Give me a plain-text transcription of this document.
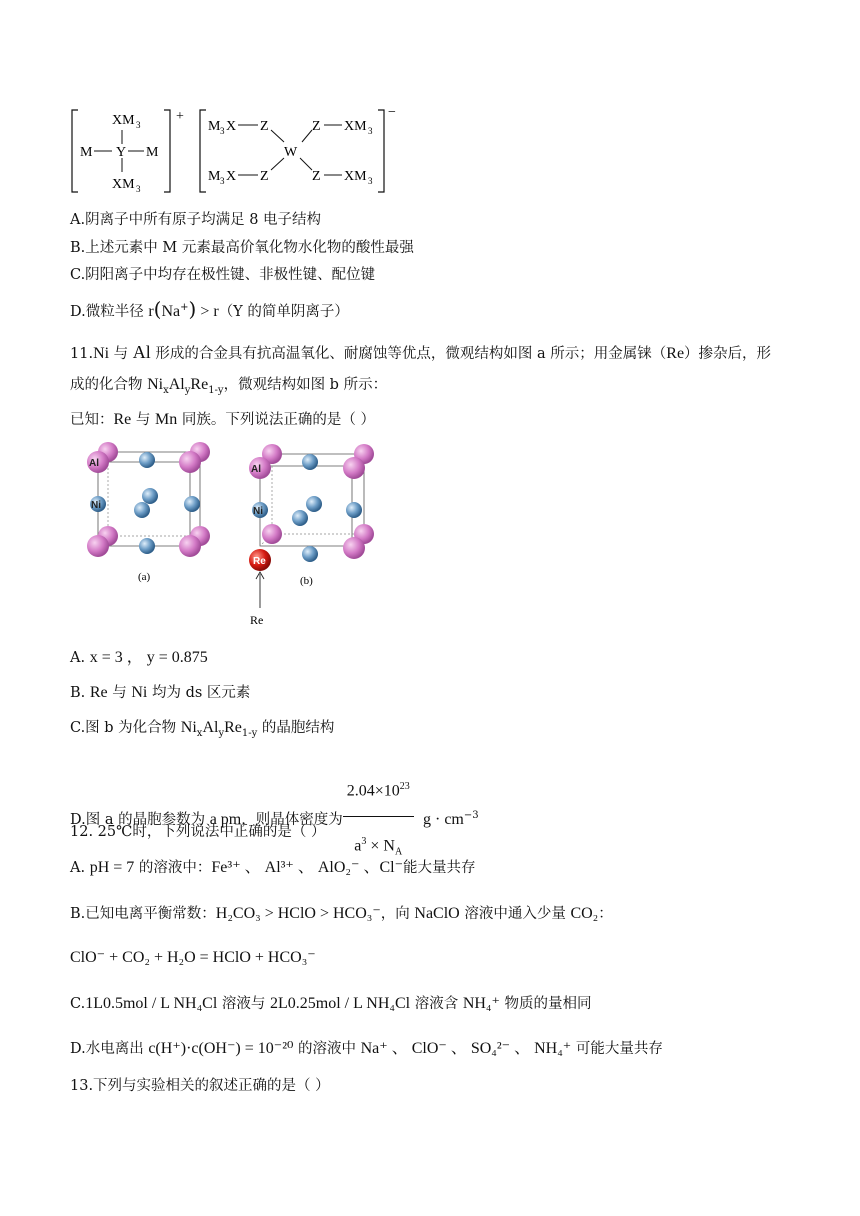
+
XM 3
M Y M
XM 3
−
M 3 X Z	Z XM 3
W
M 3 X Z	Z XM 3
A.阴离子中所有原子均满足 8 电子结构
B.上述元素中 M 元素最高价氧化物水化物的酸性最强
C.阴阳离子中均存在极性键、非极性键、配位键
D.微粒半径 r(Na+) > r（Y 的简单阴离子）
11.Ni 与 Al 形成的合金具有抗高温氧化、耐腐蚀等优点，微观结构如图 a 所示；用金属铼（Re）掺杂后，形
成的化合物 $Ni_xAl_yRe_{1-y}$，微观结构如图 b 所示：
已知：Re 与 Mn 同族。下列说法正确的是（ ）
Al
Ni
(a)
Al
Re
Ni
(b)
Re
A. x = 3 ， y = 0.875
B. Re 与 Ni 均为 ds 区元素
C.图 b 为化合物 $Ni_xAl_yRe_{1-y}$ 的晶胞结构
D.图 a 的晶胞参数为 a pm，则晶体密度为 $\frac{2.04\times 10^{23}}{a^3 \times N_A}$ $g \cdot cm^{-3}$
12. 25℃时，下列说法中正确的是（ ）
A. pH = 7 的溶液中：Fe³⁺ 、 Al³⁺ 、 AlO₂⁻ 、Cl⁻能大量共存
B.已知电离平衡常数：H₂CO₃ > HClO > HCO₃⁻，向 NaClO 溶液中通入少量 CO₂：
ClO⁻ + CO₂ + H₂O = HClO + HCO₃⁻
C.1L0.5mol / L NH₄Cl 溶液与 2L0.25mol / L NH₄Cl 溶液含 NH₄⁺ 物质的量相同
D.水电离出 c(H⁺)·c(OH⁻) = 10⁻²⁰ 的溶液中 Na⁺ 、 ClO⁻ 、 SO₄²⁻ 、 NH₄⁺ 可能大量共存
13.下列与实验相关的叙述正确的是（ ）
